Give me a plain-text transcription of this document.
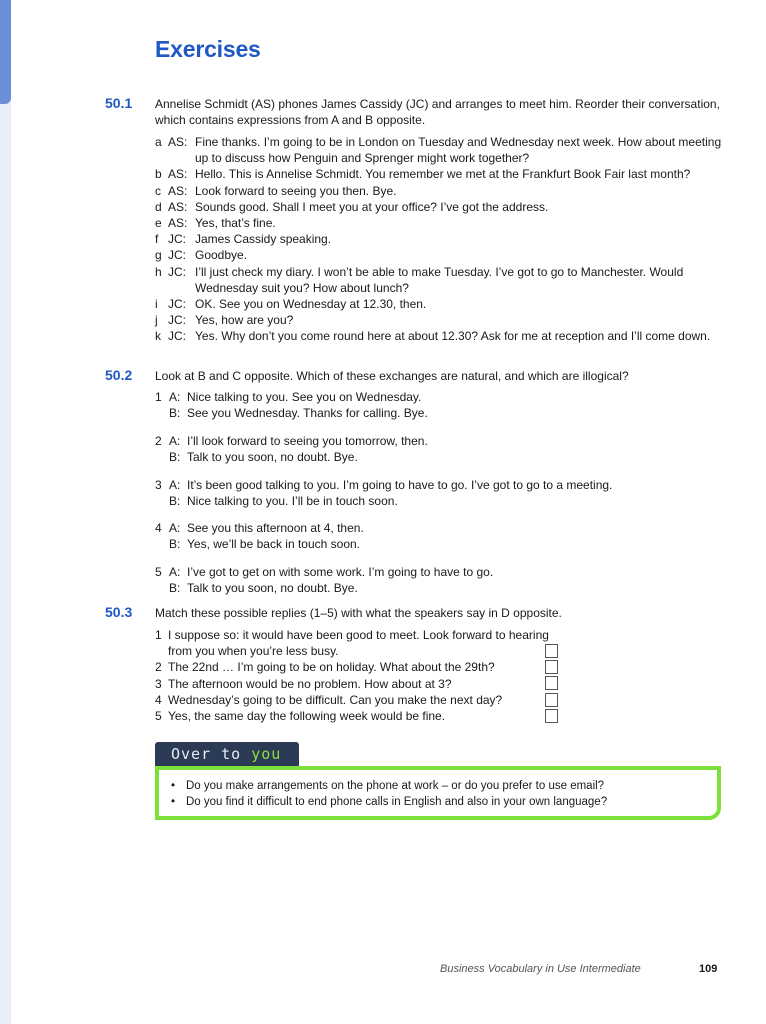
Exercises
50.1 Annelise Schmidt (AS) phones James Cassidy (JC) and arranges to meet him. Reorder their conversation, which contains expressions from A and B opposite.
a AS: Fine thanks. I’m going to be in London on Tuesday and Wednesday next week. How about meeting up to discuss how Penguin and Sprenger might work together?
b AS: Hello. This is Annelise Schmidt. You remember we met at the Frankfurt Book Fair last month?
c AS: Look forward to seeing you then. Bye.
d AS: Sounds good. Shall I meet you at your office? I’ve got the address.
e AS: Yes, that’s fine.
f JC: James Cassidy speaking.
g JC: Goodbye.
h JC: I’ll just check my diary. I won’t be able to make Tuesday. I’ve got to go to Manchester. Would Wednesday suit you? How about lunch?
i JC: OK. See you on Wednesday at 12.30, then.
j JC: Yes, how are you?
k JC: Yes. Why don’t you come round here at about 12.30? Ask for me at reception and I’ll come down.
50.2 Look at B and C opposite. Which of these exchanges are natural, and which are illogical?
1 A: Nice talking to you. See you on Wednesday.
B: See you Wednesday. Thanks for calling. Bye.
2 A: I’ll look forward to seeing you tomorrow, then.
B: Talk to you soon, no doubt. Bye.
3 A: It’s been good talking to you. I’m going to have to go. I’ve got to go to a meeting.
B: Nice talking to you. I’ll be in touch soon.
4 A: See you this afternoon at 4, then.
B: Yes, we’ll be back in touch soon.
5 A: I’ve got to get on with some work. I’m going to have to go.
B: Talk to you soon, no doubt. Bye.
50.3 Match these possible replies (1–5) with what the speakers say in D opposite.
1 I suppose so: it would have been good to meet. Look forward to hearing from you when you’re less busy.
2 The 22nd … I’m going to be on holiday. What about the 29th?
3 The afternoon would be no problem. How about at 3?
4 Wednesday’s going to be difficult. Can you make the next day?
5 Yes, the same day the following week would be fine.
Over to you
• Do you make arrangements on the phone at work – or do you prefer to use email?
• Do you find it difficult to end phone calls in English and also in your own language?
Business Vocabulary in Use Intermediate	109
